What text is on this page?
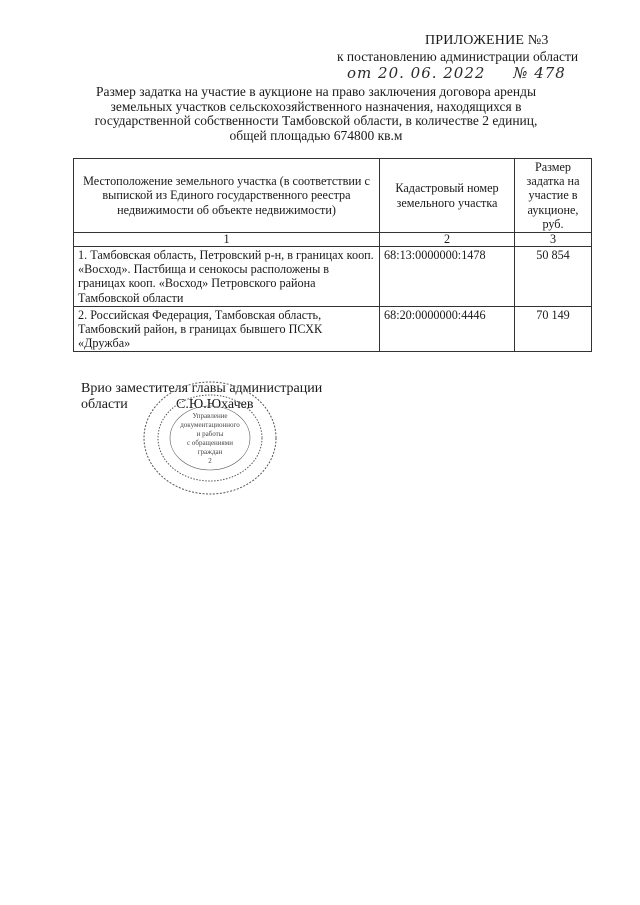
ПРИЛОЖЕНИЕ №3
к постановлению администрации области
от 20. 06. 2022 № 478
Размер задатка на участие в аукционе на право заключения договора аренды земельных участков сельскохозяйственного назначения, находящихся в государственной собственности Тамбовской области, в количестве 2 единиц, общей площадью 674800 кв.м
Местоположение земельного участка (в соответствии с выпиской из Единого государственного реестра недвижимости об объекте недвижимости)	Кадастровый номер земельного участка	Размер задатка на участие в аукционе, руб.
1	2	3
1. Тамбовская область, Петровский р-н, в границах кооп. «Восход». Пастбища и сенокосы расположены в границах кооп. «Восход» Петровского района Тамбовской области	68:13:0000000:1478	50 854
2. Российская Федерация, Тамбовская область, Тамбовский район, в границах бывшего ПСХК «Дружба»	68:20:0000000:4446	70 149
Врио заместителя главы администрации
области	С.Ю.Юхачев
Управление
документационного
и работы
с обращениями
граждан
2
